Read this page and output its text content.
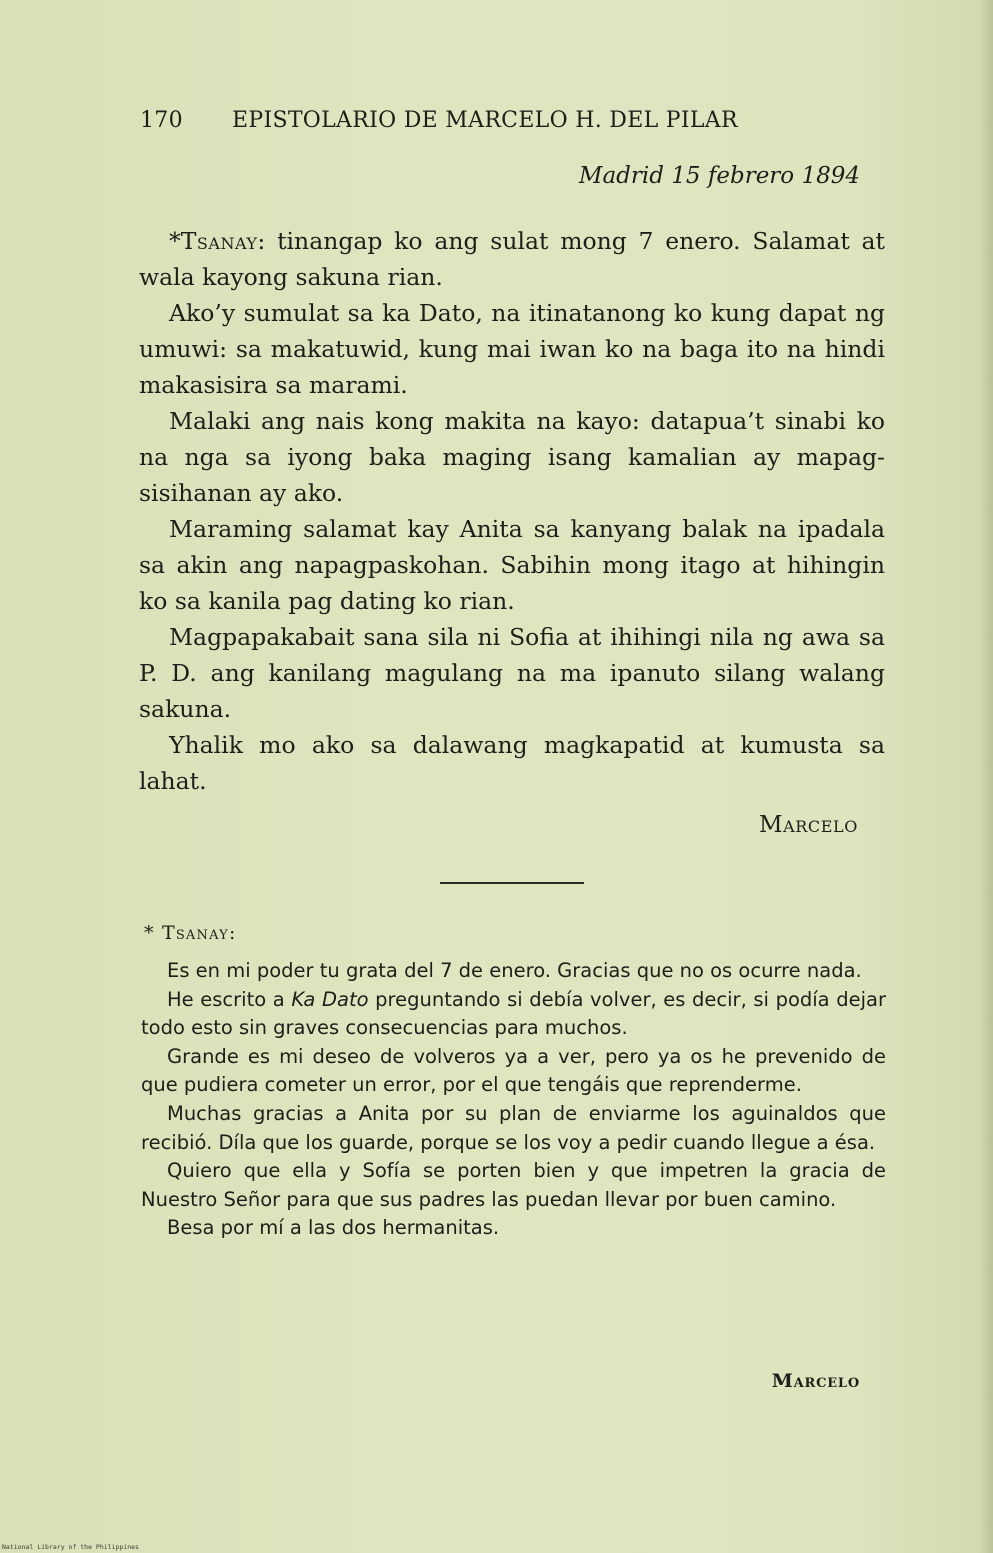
170 EPISTOLARIO DE MARCELO H. DEL PILAR
Madrid 15 febrero 1894

*Tsanay: tinangap ko ang sulat mong 7 enero. Salamat at wala kayong sakuna rian.

Ako’y sumulat sa ka Dato, na itinatanong ko kung dapat ng umuwi: sa makatuwid, kung mai iwan ko na baga ito na hindi makasisira sa marami.

Malaki ang nais kong makita na kayo: datapua’t sinabi ko na nga sa iyong baka maging isang kamalian ay mapagsisihanan ay ako.

Maraming salamat kay Anita sa kanyang balak na ipadala sa akin ang napagpaskohan. Sabihin mong itago at hihingin ko sa kanila pag dating ko rian.

Magpapakabait sana sila ni Sofia at ihihingi nila ng awa sa P. D. ang kanilang magulang na ma ipanuto silang walang sakuna.

Yhalik mo ako sa dalawang magkapatid at kumusta sa lahat.

Marcelo
* Tsanay:

Es en mi poder tu grata del 7 de enero. Gracias que no os ocurre nada.

He escrito a Ka Dato preguntando si debía volver, es decir, si podía dejar todo esto sin graves consecuencias para muchos.

Grande es mi deseo de volveros ya a ver, pero ya os he prevenido de que pudiera cometer un error, por el que tengáis que reprenderme.

Muchas gracias a Anita por su plan de enviarme los aguinaldos que recibió. Díla que los guarde, porque se los voy a pedir cuando llegue a ésa.

Quiero que ella y Sofía se porten bien y que impetren la gracia de Nuestro Señor para que sus padres las puedan llevar por buen camino.

Besa por mí a las dos hermanitas.

Marcelo
National Library of the Philippines
